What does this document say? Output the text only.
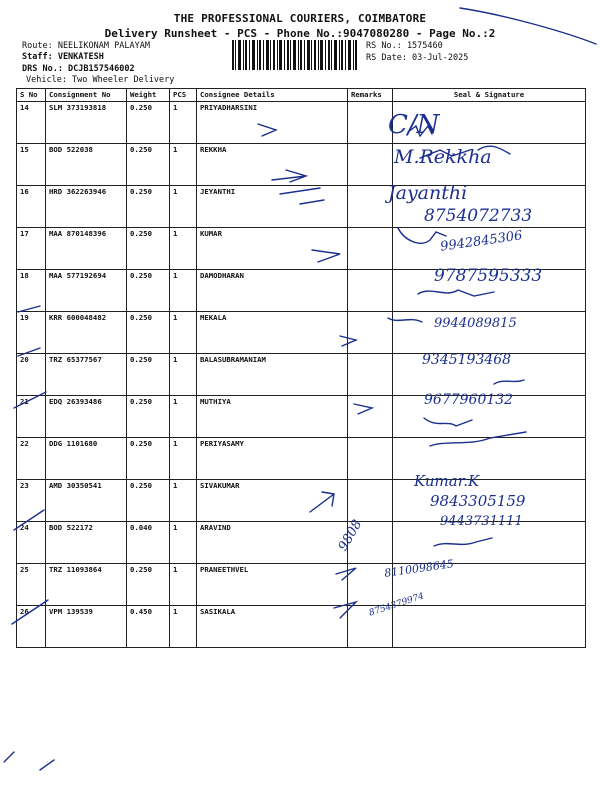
THE PROFESSIONAL COURIERS, COIMBATORE
Delivery Runsheet - PCS - Phone No.:9047080280 - Page No.:2
Route: NEELIKONAM PALAYAM
Staff: VENKATESH
DRS No.: DCJB157546002
Vehicle: Two Wheeler Delivery
RS No.: 1575460
RS Date: 03-Jul-2025
S No	Consignment No	Weight	PCS	Consignee Details	Remarks	Seal & Signature
14	SLM 373193818	0.250	1	PRIYADHARSINI		
15	BOD 522038	0.250	1	REKKHA		
16	HRD 362263946	0.250	1	JEYANTHI		
17	MAA 870148396	0.250	1	KUMAR		
18	MAA 577192694	0.250	1	DAMODHARAN		
19	KRR 600048482	0.250	1	MEKALA		
20	TRZ 65377567	0.250	1	BALASUBRAMANIAM		
21	EDQ 26393486	0.250	1	MUTHIYA		
22	DDG 1101680	0.250	1	PERIYASAMY		
23	AMD 30350541	0.250	1	SIVAKUMAR		
24	BOD 522172	0.040	1	ARAVIND		
25	TRZ 11093864	0.250	1	PRANEETHVEL		
26	VPM 139539	0.450	1	SASIKALA		
C/N
M.Rekkha
Jayanthi
8754072733
9942845306
9787595333
9944089815
9345193468
9677960132
Kumar.K
9843305159
9443731111
9808
8110098645
8754379974
